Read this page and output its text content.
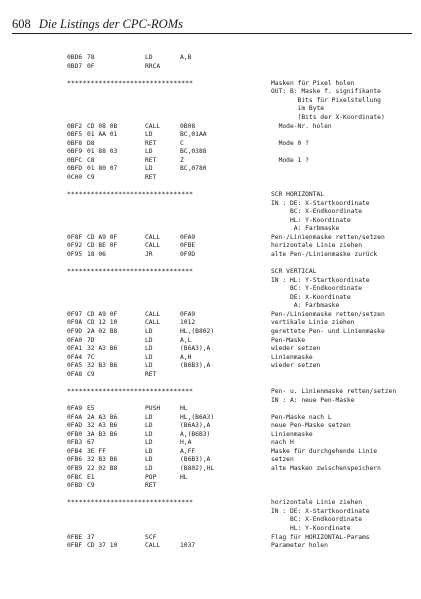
608 Die Listings der CPC-ROMs
0BD6 78	LD	A,B
0BD7 0F	RRCA
********************************	Masken für Pixel holen
OUT: B: Maske f. signifikante
Bits für Pixelstellung
im Byte
(Bits der X-Koordinate)
0BF2 CD 08 0B	CALL	0B08	Mode-Nr. holen
0BF5 01 AA 01	LD	BC,01AA
0BF8 D8	RET	C	Mode 0 ?
0BF9 01 88 03	LD	BC,0388
0BFC C8	RET	Z	Mode 1 ?
0BFD 01 80 07	LD	BC,0780
0C00 C9	RET
********************************	SCR HORIZONTAL
IN : DE: X-Startkoordinate
BC: X-Endkoordinate
HL: Y-Koordinate
A: Farbmaske
0F8F CD A9 0F	CALL	0FA9	Pen-/Linienmaske retten/setzen
0F92 CD BE 0F	CALL	0FBE	horizontale Linie ziehen
0F95 18 06	JR	0F9D	alte Pen-/Linienmaske zurück
********************************	SCR VERTICAL
IN : HL: Y-Startkoordinate
BC: Y-Endkoordinate
DE: X-Koordinate
A: Farbmaske
0F97 CD A9 0F	CALL	0FA9	Pen-/Linienmaske retten/setzen
0F9A CD 12 10	CALL	1012	vertikale Linie ziehen
0F9D 2A 02 B8	LD	HL,(B802)	gerettete Pen- und Linienmaske
0FA0 7D	LD	A,L	Pen-Maske
0FA1 32 A3 B6	LD	(B6A3),A	wieder setzen
0FA4 7C	LD	A,H	Linienmaske
0FA5 32 B3 B6	LD	(B6B3),A	wieder setzen
0FA8 C9	RET
********************************	Pen- u. Linienmaske retten/setzen
IN : A: neue Pen-Maske
0FA9 E5	PUSH	HL
0FAA 2A A3 B6	LD	HL,(B6A3)	Pen-Maske nach L
0FAD 32 A3 B6	LD	(B6A3),A	neue Pen-Maske setzen
0FB0 3A B3 B6	LD	A,(B6B3)	Linienmaske
0FB3 67	LD	H,A	nach H
0FB4 3E FF	LD	A,FF	Maske für durchgehende Linie
0FB6 32 B3 B6	LD	(B6B3),A	setzen
0FB9 22 02 B8	LD	(B802),HL	alte Masken zwischenspeichern
0FBC E1	POP	HL
0FBD C9	RET
********************************	horizontale Linie ziehen
IN : DE: X-Startkoordinate
BC: X-Endkoordinate
HL: Y-Koordinate
0FBE 37	SCF	Flag für HORIZONTAL-Params
0FBF CD 37 10	CALL	1037	Parameter holen
